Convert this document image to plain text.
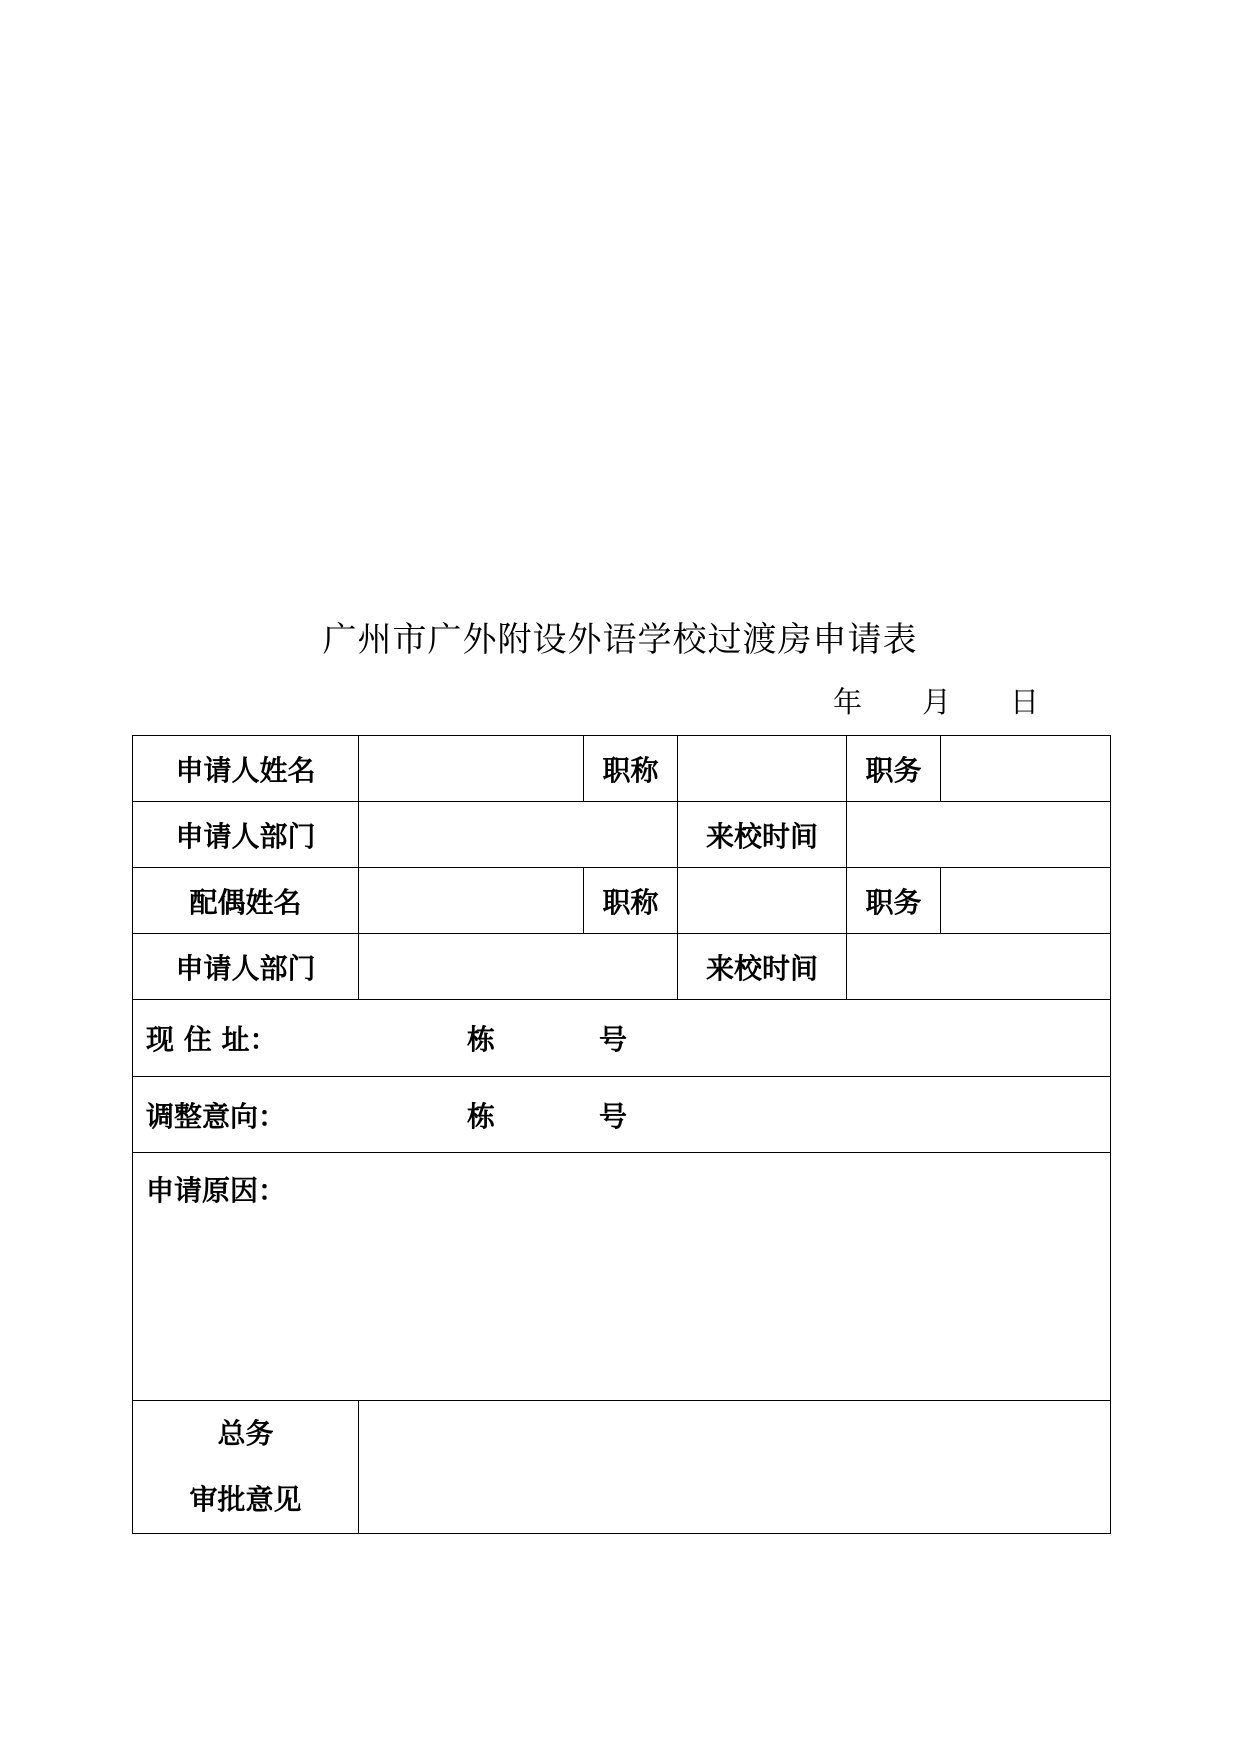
广州市广外附设外语学校过渡房申请表
年 月 日
申请人姓名		职称		职务	
申请人部门			来校时间		
配偶姓名		职称		职务	
申请人部门			来校时间		

现 住 址： 栋 号					

调整意向： 栋 号					

申请原因：					

总务
审批意见					
